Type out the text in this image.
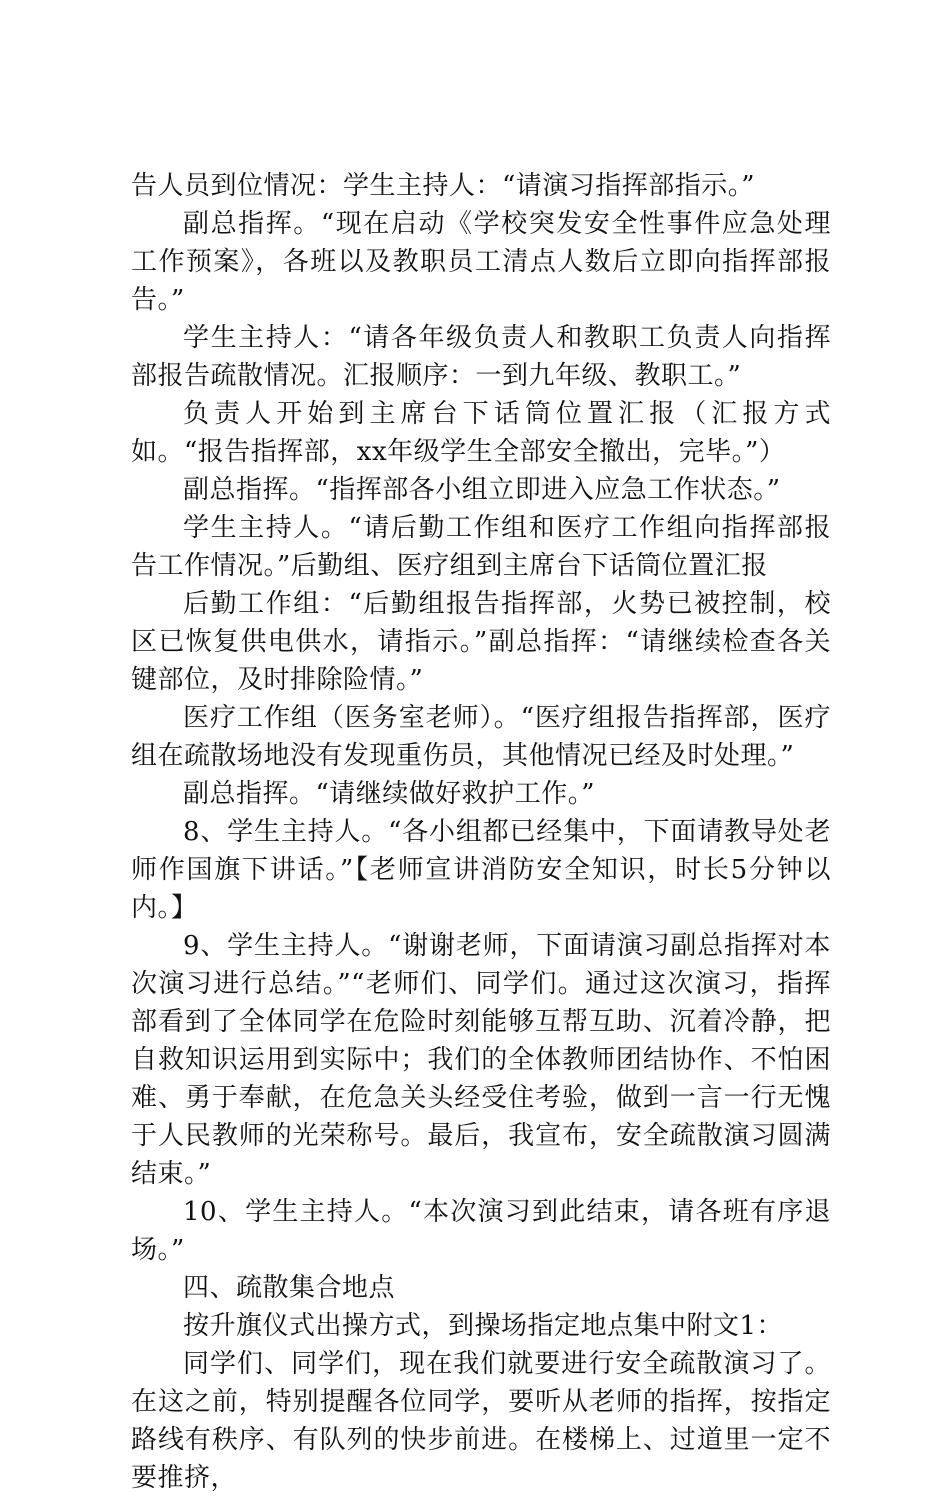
告人员到位情况：学生主持人：“请演习指挥部指示。”

副总指挥。“现在启动《学校突发安全性事件应急处理工作预案》，各班以及教职员工清点人数后立即向指挥部报告。”

学生主持人：“请各年级负责人和教职工负责人向指挥部报告疏散情况。汇报顺序：一到九年级、教职工。”

负责人开始到主席台下话筒位置汇报（汇报方式如。“报告指挥部，xx年级学生全部安全撤出，完毕。”）

副总指挥。“指挥部各小组立即进入应急工作状态。”

学生主持人。“请后勤工作组和医疗工作组向指挥部报告工作情况。”后勤组、医疗组到主席台下话筒位置汇报

后勤工作组：“后勤组报告指挥部，火势已被控制，校区已恢复供电供水，请指示。”副总指挥：“请继续检查各关键部位，及时排除险情。”

医疗工作组（医务室老师）。“医疗组报告指挥部，医疗组在疏散场地没有发现重伤员，其他情况已经及时处理。”

副总指挥。“请继续做好救护工作。”

8、学生主持人。“各小组都已经集中，下面请教导处老师作国旗下讲话。”【老师宣讲消防安全知识，时长5分钟以内。】

9、学生主持人。“谢谢老师，下面请演习副总指挥对本次演习进行总结。”“老师们、同学们。通过这次演习，指挥部看到了全体同学在危险时刻能够互帮互助、沉着冷静，把自救知识运用到实际中；我们的全体教师团结协作、不怕困难、勇于奉献，在危急关头经受住考验，做到一言一行无愧于人民教师的光荣称号。最后，我宣布，安全疏散演习圆满结束。”

10、学生主持人。“本次演习到此结束，请各班有序退场。”

四、疏散集合地点

按升旗仪式出操方式，到操场指定地点集中附文1：

同学们、同学们，现在我们就要进行安全疏散演习了。在这之前，特别提醒各位同学，要听从老师的指挥，按指定路线有秩序、有队列的快步前进。在楼梯上、过道里一定不要推挤，
